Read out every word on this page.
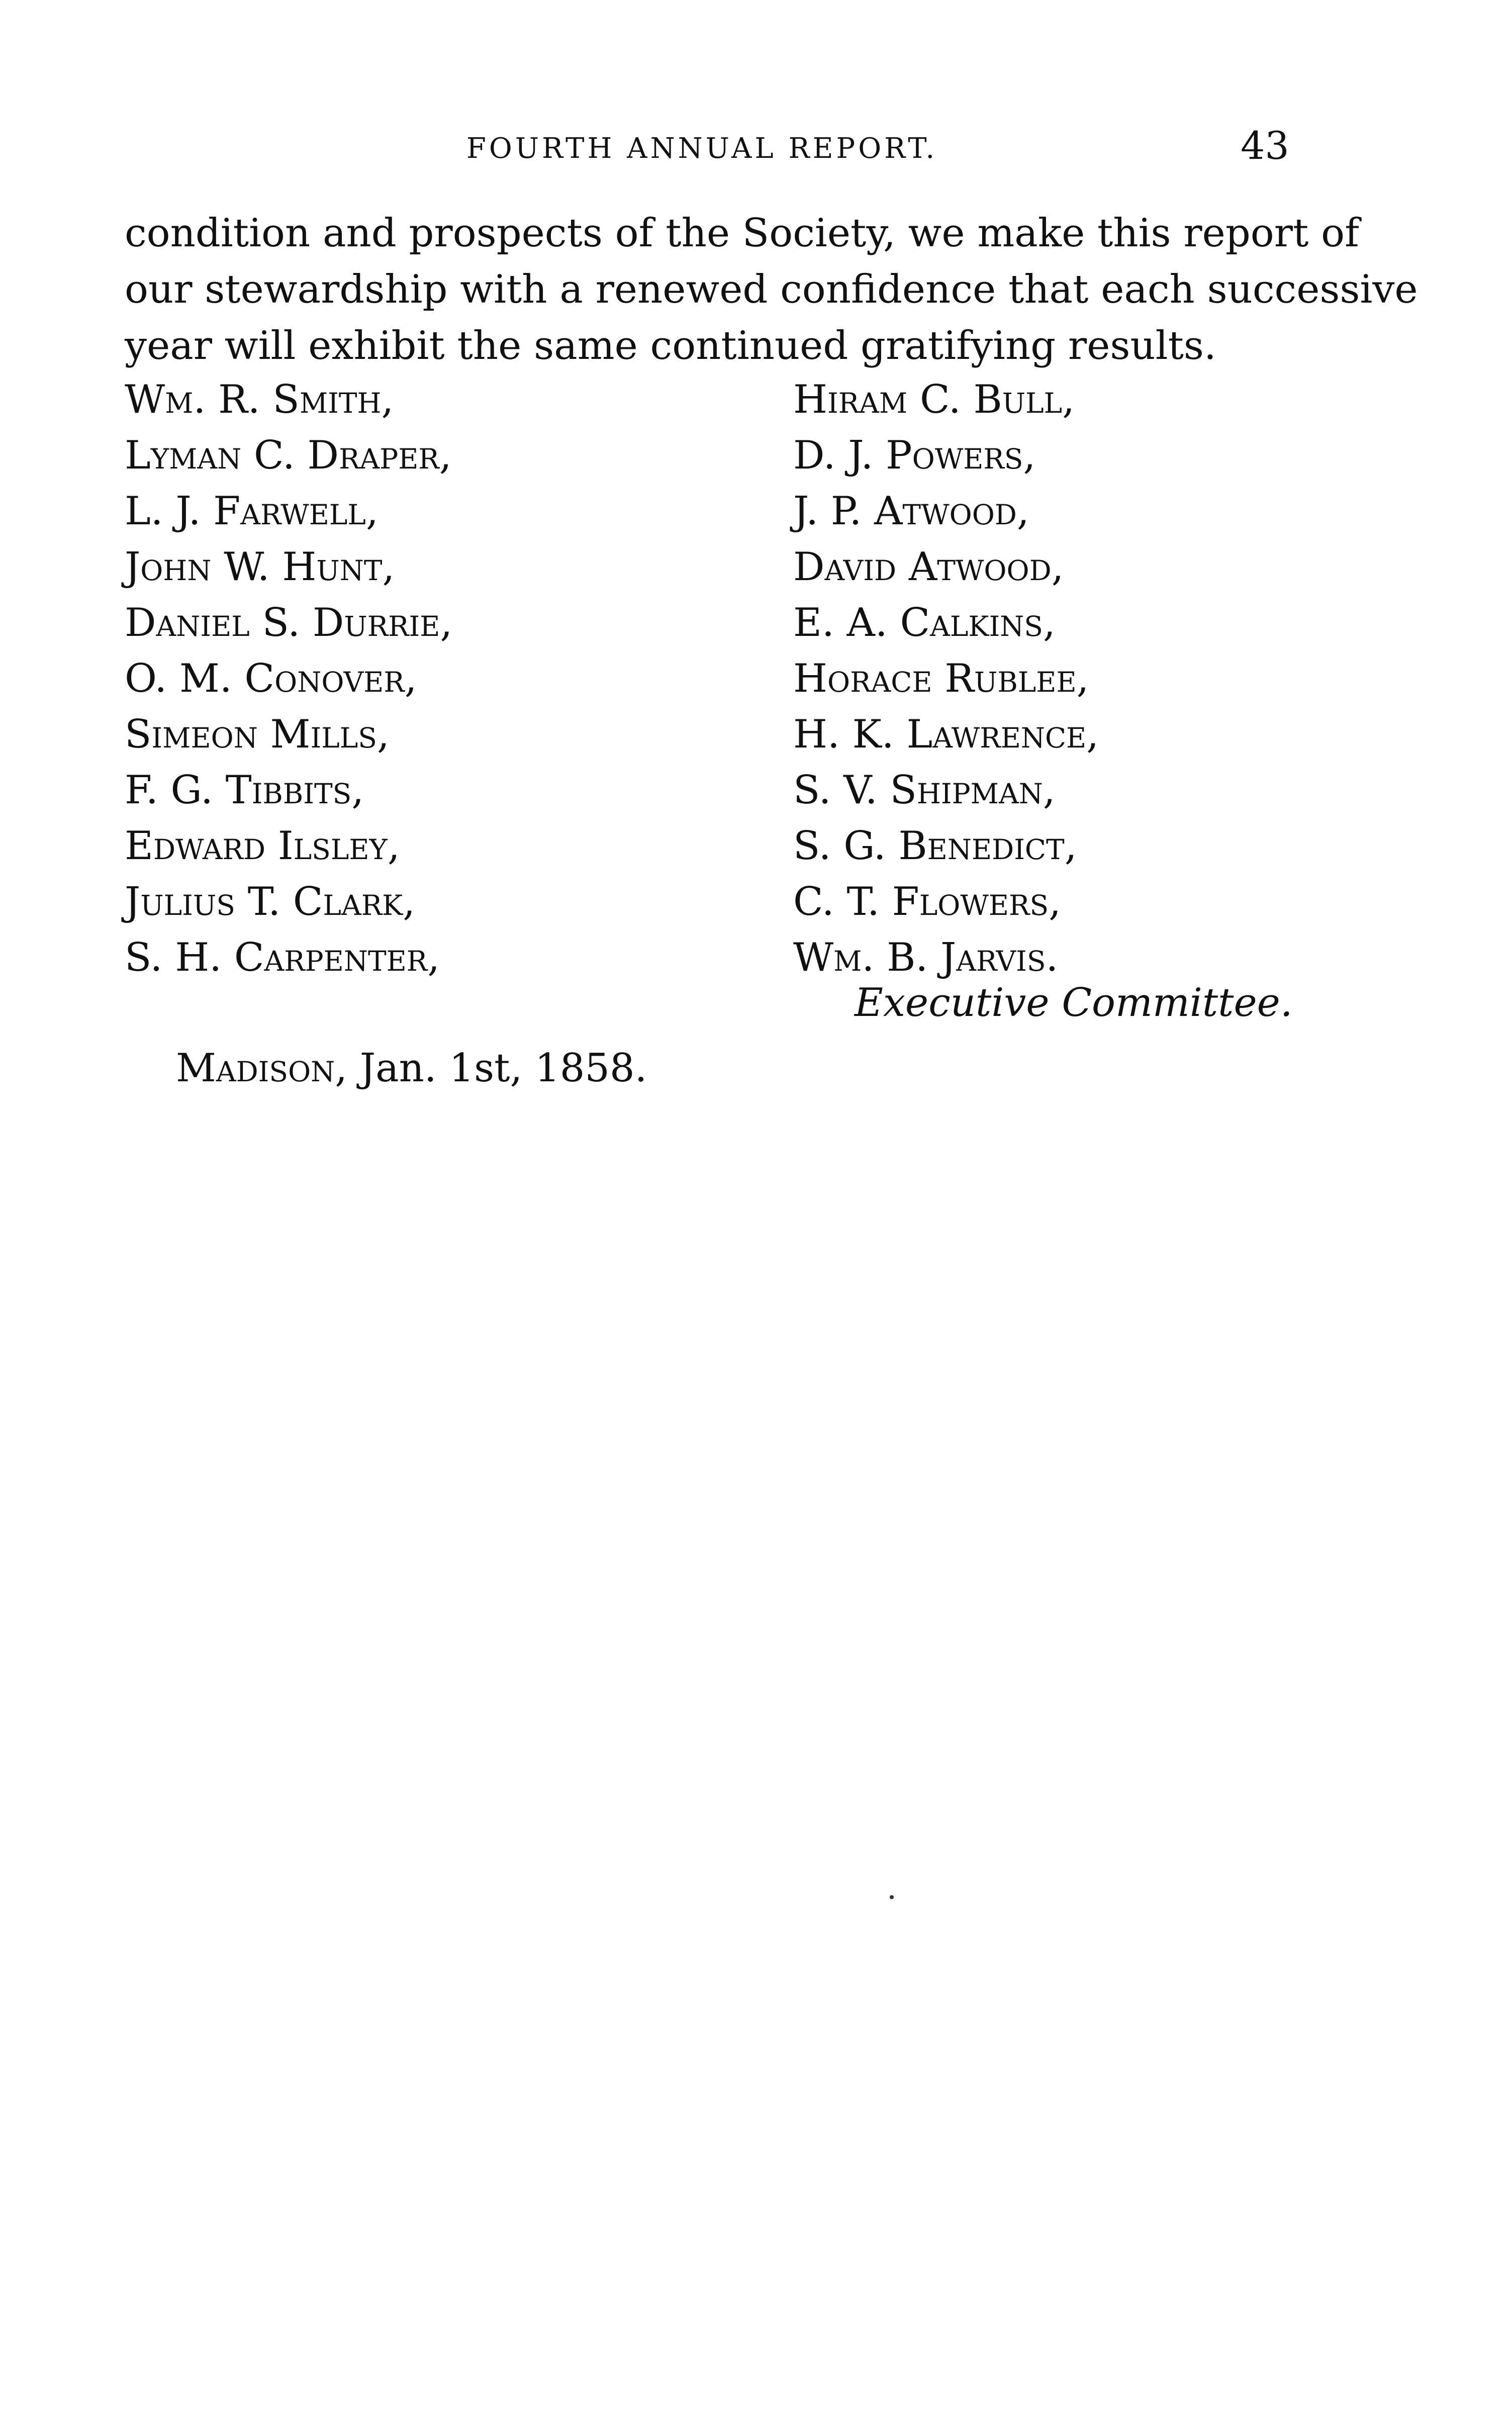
FOURTH ANNUAL REPORT.	43
condition and prospects of the Society, we make this report of
our stewardship with a renewed confidence that each successive
year will exhibit the same continued gratifying results.
Wm. R. Smith,
Lyman C. Draper,
L. J. Farwell,
John W. Hunt,
Daniel S. Durrie,
O. M. Conover,
Simeon Mills,
F. G. Tibbits,
Edward Ilsley,
Julius T. Clark,
S. H. Carpenter,
Hiram C. Bull,
D. J. Powers,
J. P. Atwood,
David Atwood,
E. A. Calkins,
Horace Rublee,
H. K. Lawrence,
S. V. Shipman,
S. G. Benedict,
C. T. Flowers,
Wm. B. Jarvis.
Executive Committee.
Madison, Jan. 1st, 1858.
